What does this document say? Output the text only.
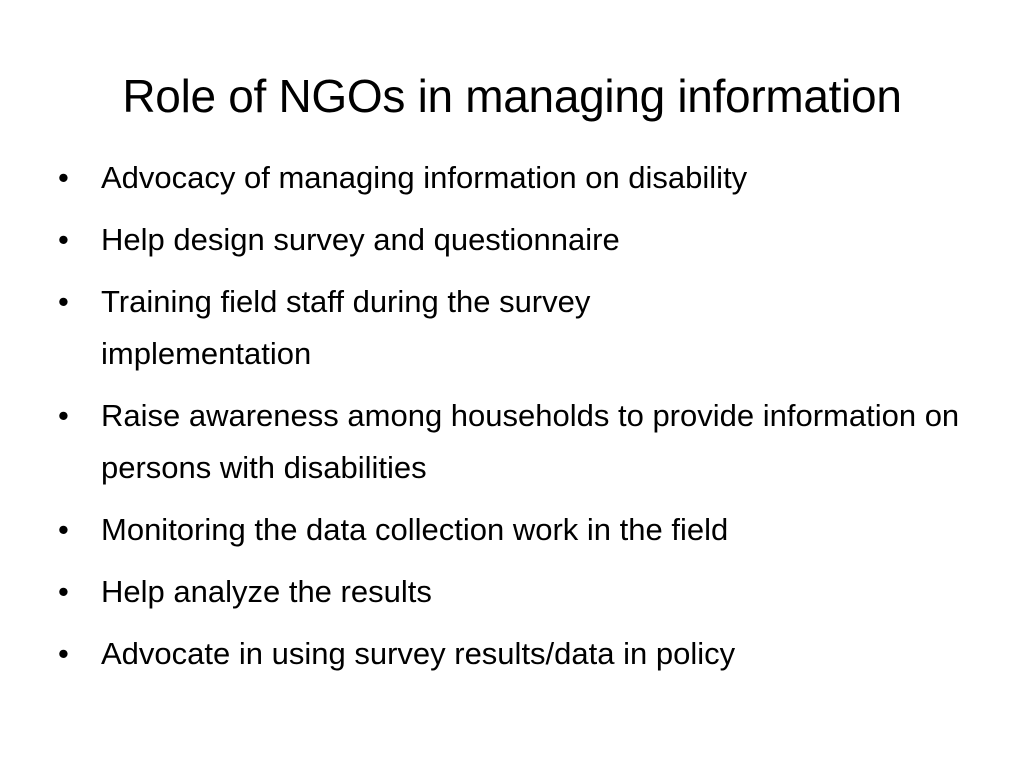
Role of NGOs in managing information
• Advocacy of managing information on disability
• Help design survey and questionnaire
• Training field staff during the survey implementation
• Raise awareness among households to provide information on persons with disabilities
• Monitoring the data collection work in the field
• Help analyze the results
• Advocate in using survey results/data in policy
